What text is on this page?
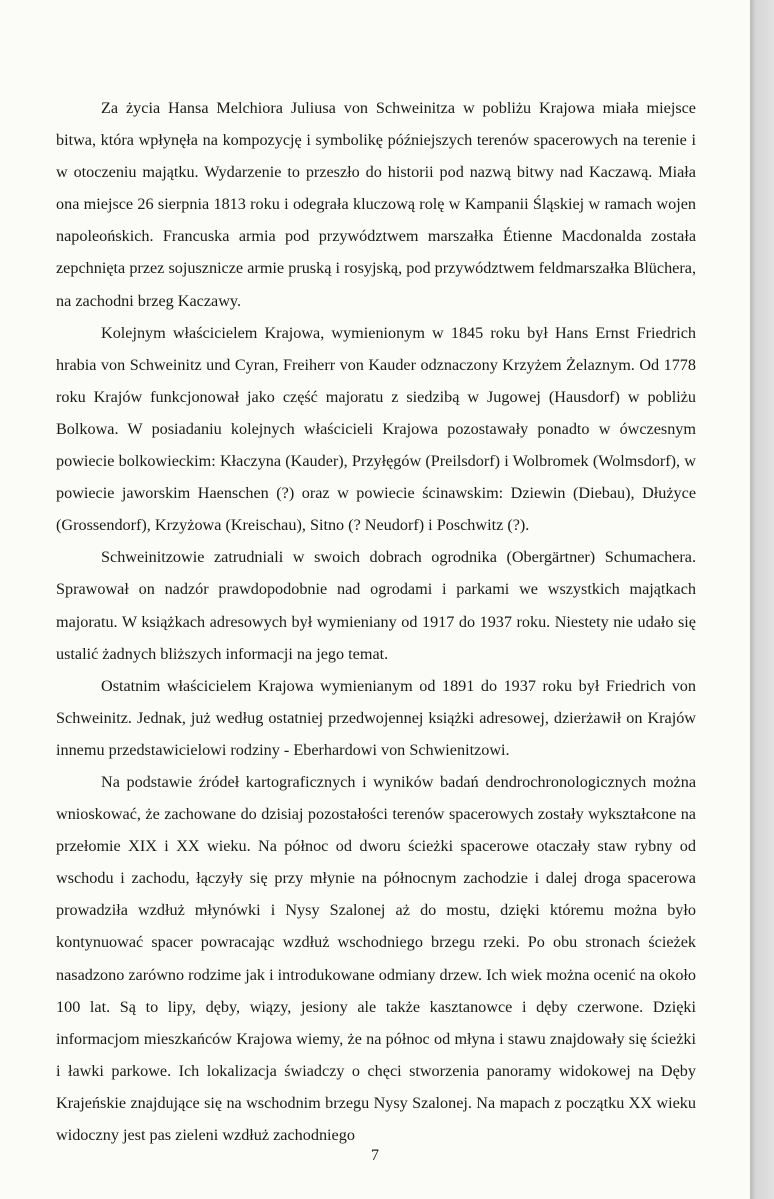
Za życia Hansa Melchiora Juliusa von Schweinitza w pobliżu Krajowa miała miejsce bitwa, która wpłynęła na kompozycję i symbolikę późniejszych terenów spacerowych na terenie i w otoczeniu majątku. Wydarzenie to przeszło do historii pod nazwą bitwy nad Kaczawą. Miała ona miejsce 26 sierpnia 1813 roku i odegrała kluczową rolę w Kampanii Śląskiej w ramach wojen napoleońskich. Francuska armia pod przywództwem marszałka Étienne Macdonalda została zepchnięta przez sojusznicze armie pruską i rosyjską, pod przywództwem feldmarszałka Blüchera, na zachodni brzeg Kaczawy.

Kolejnym właścicielem Krajowa, wymienionym w 1845 roku był Hans Ernst Friedrich hrabia von Schweinitz und Cyran, Freiherr von Kauder odznaczony Krzyżem Żelaznym. Od 1778 roku Krajów funkcjonował jako część majoratu z siedzibą w Jugowej (Hausdorf) w pobliżu Bolkowa. W posiadaniu kolejnych właścicieli Krajowa pozostawały ponadto w ówczesnym powiecie bolkowieckim: Kłaczyna (Kauder), Przyłęgów (Preilsdorf) i Wolbromek (Wolmsdorf), w powiecie jaworskim Haenschen (?) oraz w powiecie ścinawskim: Dziewin (Diebau), Dłużyce (Grossendorf), Krzyżowa (Kreischau), Sitno (? Neudorf) i Poschwitz (?).

Schweinitzowie zatrudniali w swoich dobrach ogrodnika (Obergärtner) Schumachera. Sprawował on nadzór prawdopodobnie nad ogrodami i parkami we wszystkich majątkach majoratu. W książkach adresowych był wymieniany od 1917 do 1937 roku. Niestety nie udało się ustalić żadnych bliższych informacji na jego temat.

Ostatnim właścicielem Krajowa wymienianym od 1891 do 1937 roku był Friedrich von Schweinitz. Jednak, już według ostatniej przedwojennej książki adresowej, dzierżawił on Krajów innemu przedstawicielowi rodziny - Eberhardowi von Schwienitzowi.

Na podstawie źródeł kartograficznych i wyników badań dendrochronologicznych można wnioskować, że zachowane do dzisiaj pozostałości terenów spacerowych zostały wykształcone na przełomie XIX i XX wieku. Na północ od dworu ścieżki spacerowe otaczały staw rybny od wschodu i zachodu, łączyły się przy młynie na północnym zachodzie i dalej droga spacerowa prowadziła wzdłuż młynówki i Nysy Szalonej aż do mostu, dzięki któremu można było kontynuować spacer powracając wzdłuż wschodniego brzegu rzeki. Po obu stronach ścieżek nasadzono zarówno rodzime jak i introdukowane odmiany drzew. Ich wiek można ocenić na około 100 lat. Są to lipy, dęby, wiązy, jesiony ale także kasztanowce i dęby czerwone. Dzięki informacjom mieszkańców Krajowa wiemy, że na północ od młyna i stawu znajdowały się ścieżki i ławki parkowe. Ich lokalizacja świadczy o chęci stworzenia panoramy widokowej na Dęby Krajeńskie znajdujące się na wschodnim brzegu Nysy Szalonej. Na mapach z początku XX wieku widoczny jest pas zieleni wzdłuż zachodniego

7
